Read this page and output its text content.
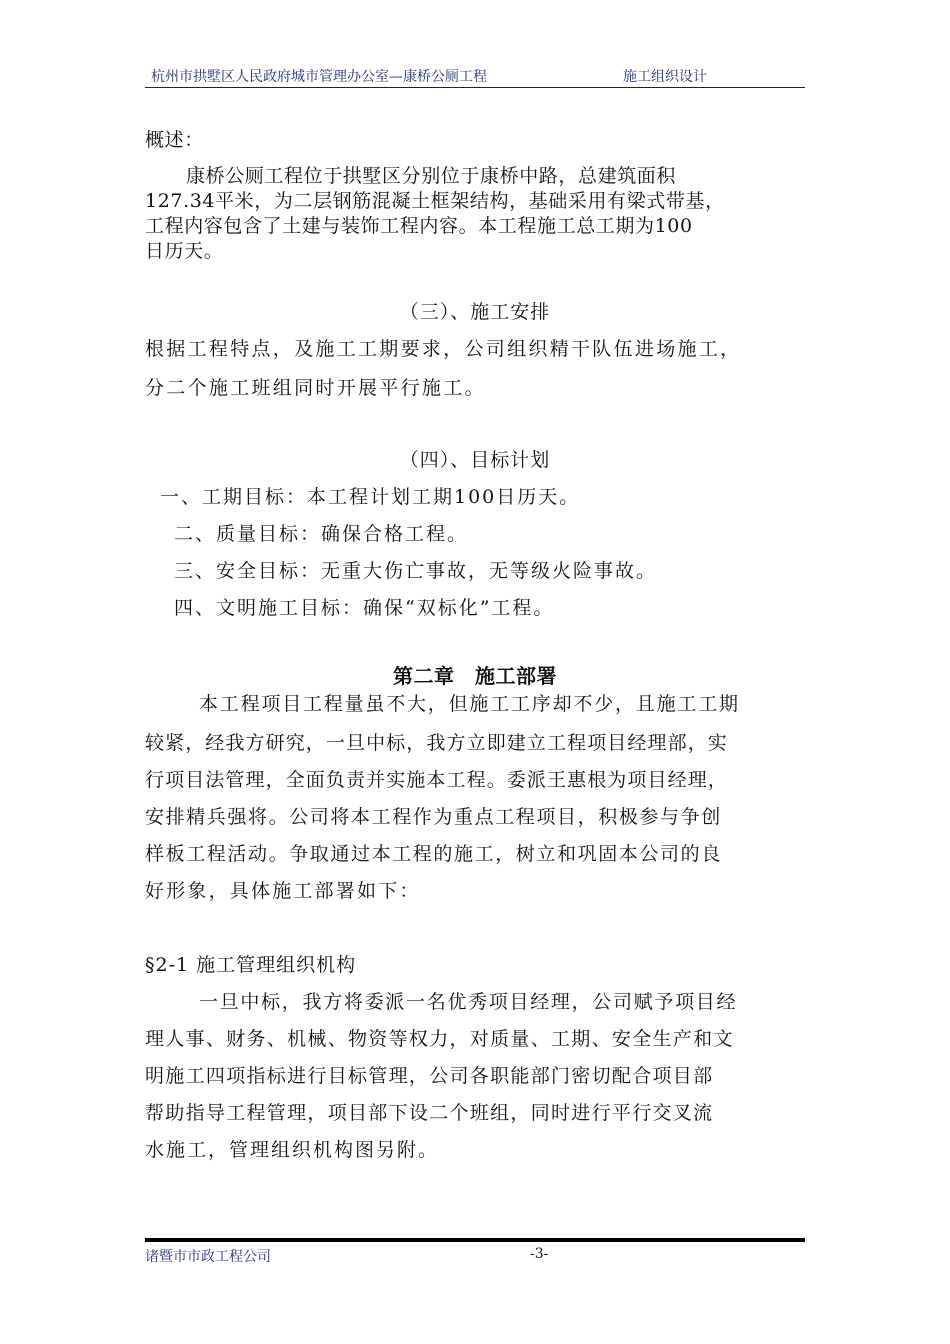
杭州市拱墅区人民政府城市管理办公室—康桥公厕工程	施工组织设计
概述：
康桥公厕工程位于拱墅区分别位于康桥中路，总建筑面积
127.34平米，为二层钢筋混凝土框架结构，基础采用有梁式带基，
工程内容包含了土建与装饰工程内容。本工程施工总工期为100
日历天。
（三）、施工安排
根据工程特点，及施工工期要求，公司组织精干队伍进场施工，
分二个施工班组同时开展平行施工。
（四）、目标计划
一、工期目标：本工程计划工期100日历天。
二、质量目标：确保合格工程。
三、安全目标：无重大伤亡事故，无等级火险事故。
四、文明施工目标：确保“双标化”工程。
第二章　施工部署
本工程项目工程量虽不大，但施工工序却不少，且施工工期
较紧，经我方研究，一旦中标，我方立即建立工程项目经理部，实
行项目法管理，全面负责并实施本工程。委派王惠根为项目经理，
安排精兵强将。公司将本工程作为重点工程项目，积极参与争创
样板工程活动。争取通过本工程的施工，树立和巩固本公司的良
好形象，具体施工部署如下：
§2-1 施工管理组织机构
一旦中标，我方将委派一名优秀项目经理，公司赋予项目经
理人事、财务、机械、物资等权力，对质量、工期、安全生产和文
明施工四项指标进行目标管理，公司各职能部门密切配合项目部
帮助指导工程管理，项目部下设二个班组，同时进行平行交叉流
水施工，管理组织机构图另附。
诸暨市市政工程公司	-3-
